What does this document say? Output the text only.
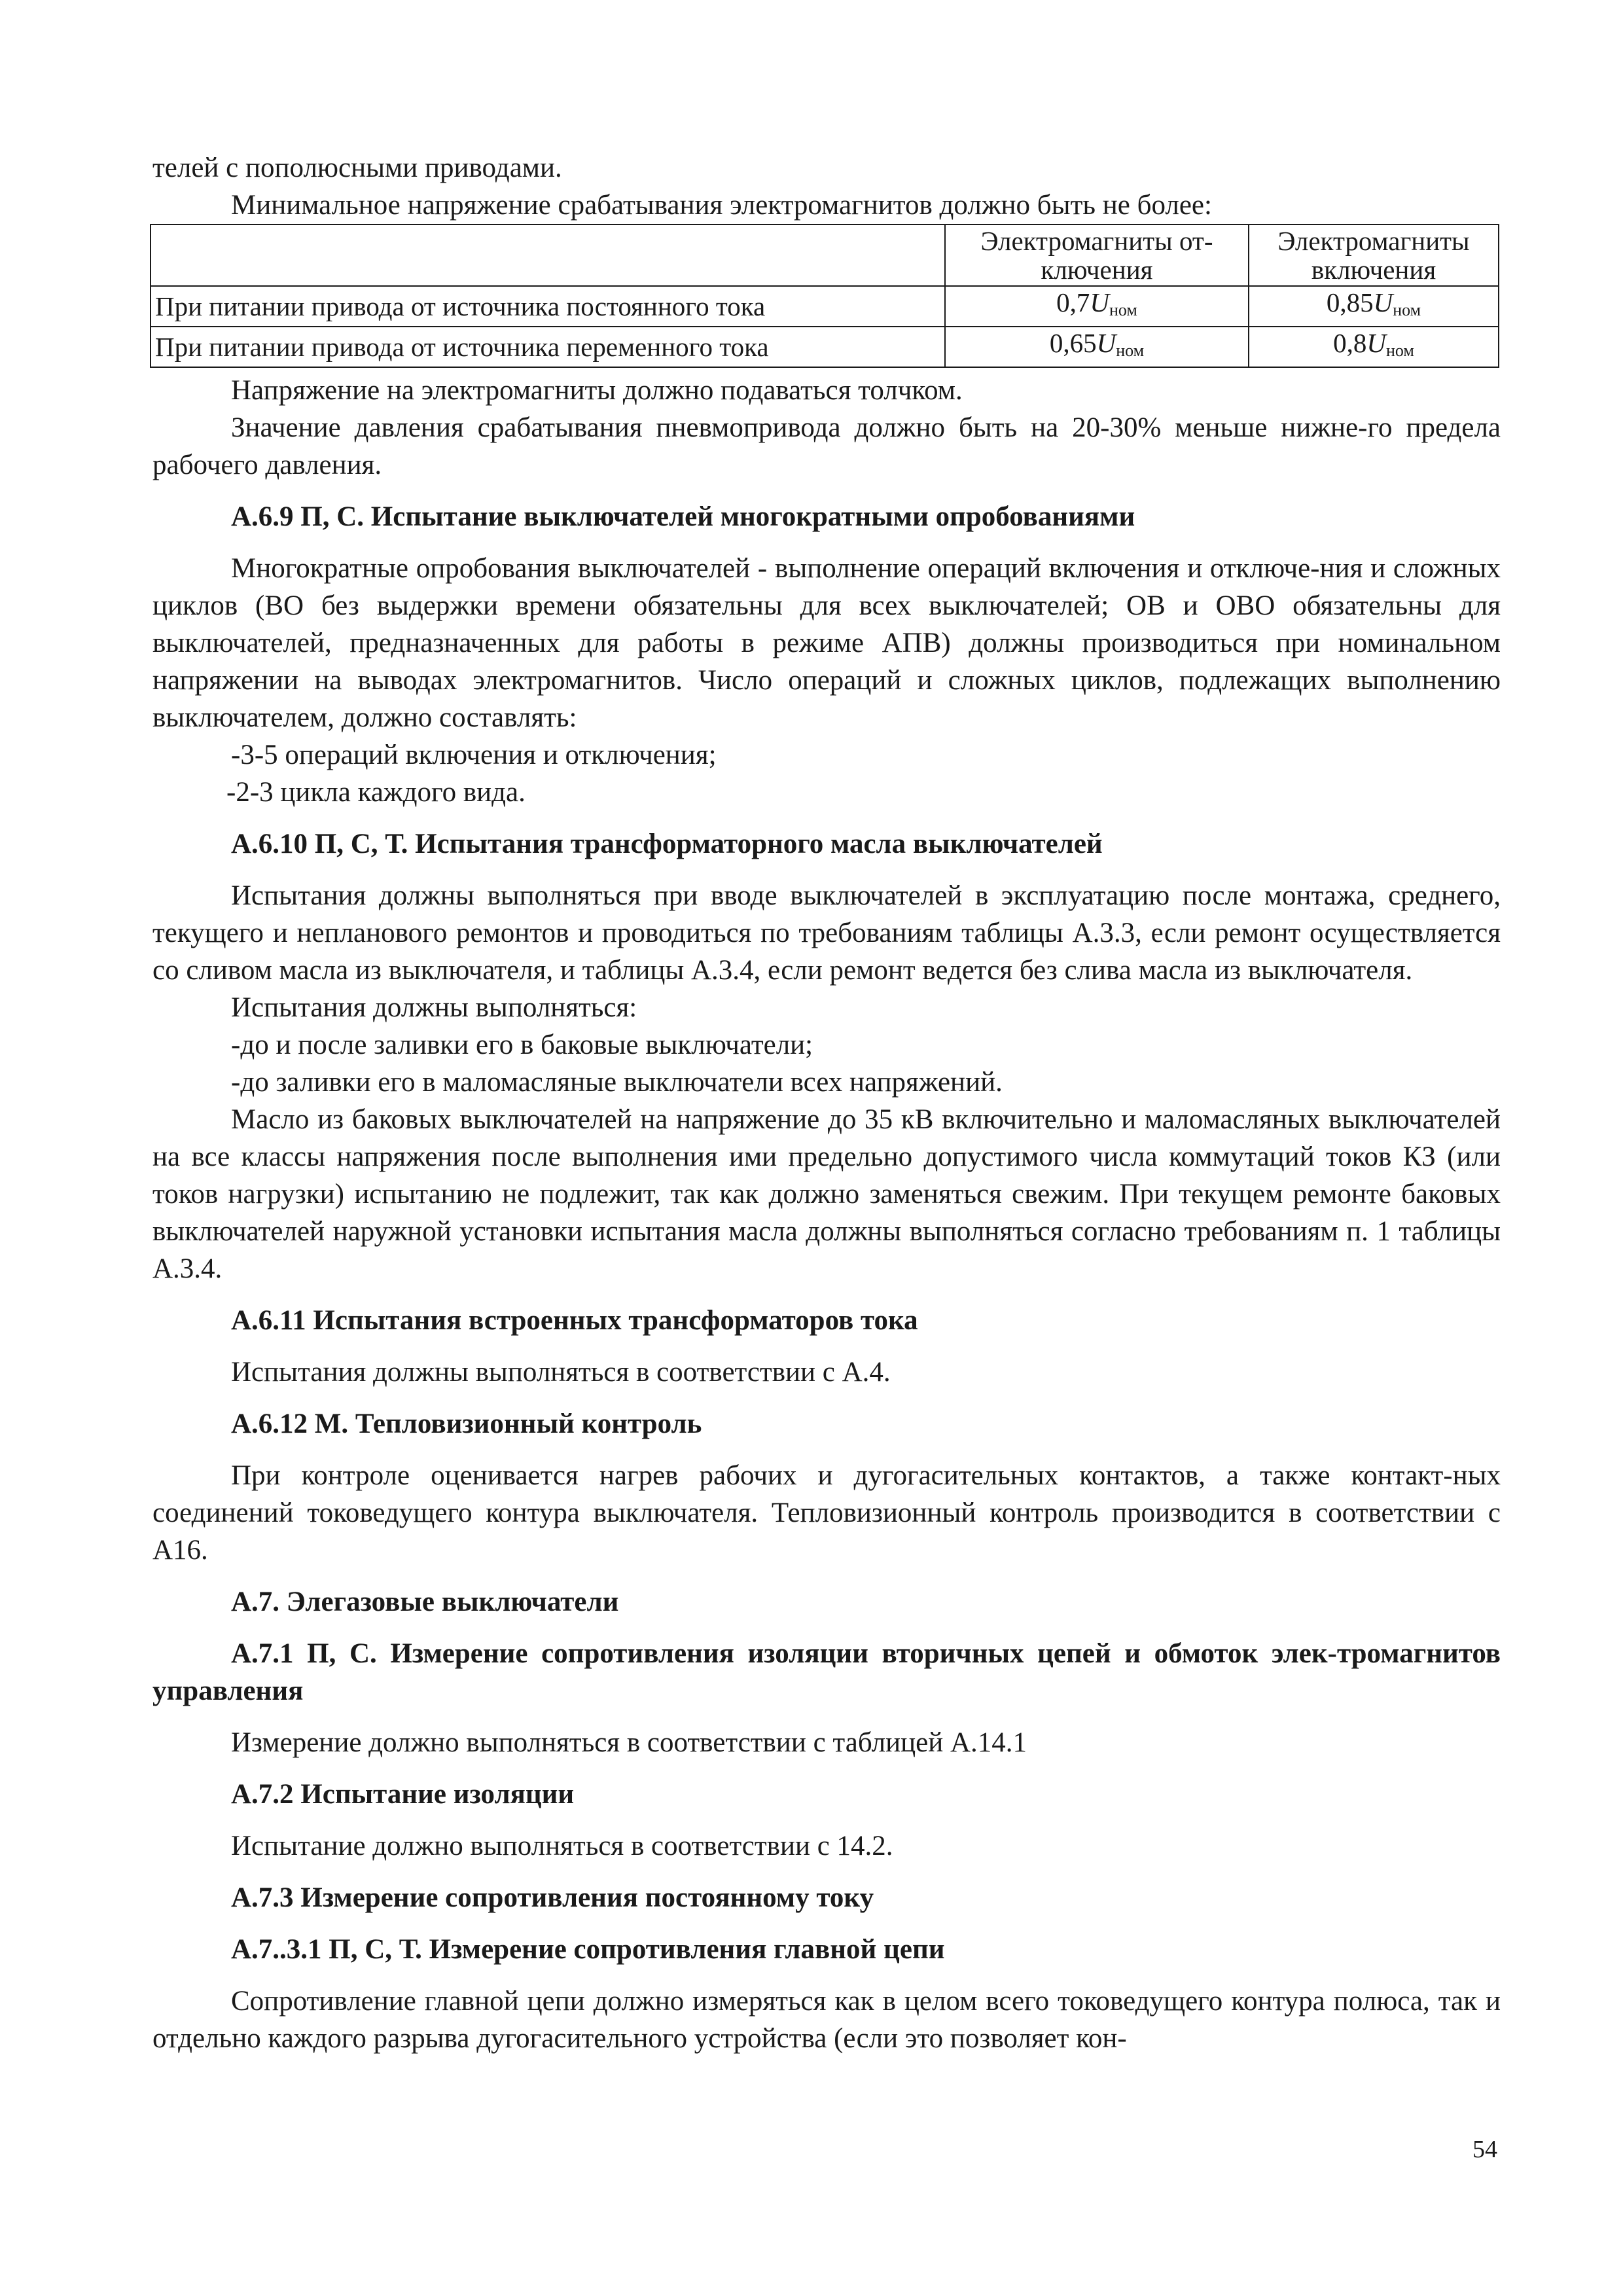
телей с пополюсными приводами.

Минимальное напряжение срабатывания электромагнитов должно быть не более:

	Электромагниты от-ключения	Электромагниты включения
При питании привода от источника постоянного тока	$0,7U_{ном}$	$0,85U_{ном}$
При питании привода от источника переменного тока	$0,65U_{ном}$	$0,8U_{ном}$

Напряжение на электромагниты должно подаваться толчком.

Значение давления срабатывания пневмопривода должно быть на 20-30% меньше нижне-го предела рабочего давления.

А.6.9 П, С. Испытание выключателей многократными опробованиями

Многократные опробования выключателей - выполнение операций включения и отключе-ния и сложных циклов (ВО без выдержки времени обязательны для всех выключателей; ОВ и ОВО обязательны для выключателей, предназначенных для работы в режиме АПВ) должны производиться при номинальном напряжении на выводах электромагнитов. Число операций и сложных циклов, подлежащих выполнению выключателем, должно составлять:

-3-5 операций включения и отключения;

-2-3 цикла каждого вида.

А.6.10 П, С, Т. Испытания трансформаторного масла выключателей

Испытания должны выполняться при вводе выключателей в эксплуатацию после монтажа, среднего, текущего и непланового ремонтов и проводиться по требованиям таблицы А.3.3, если ремонт осуществляется со сливом масла из выключателя, и таблицы А.3.4, если ремонт ведется без слива масла из выключателя.

Испытания должны выполняться:

-до и после заливки его в баковые выключатели;

-до заливки его в маломасляные выключатели всех напряжений.

Масло из баковых выключателей на напряжение до 35 кВ включительно и маломасляных выключателей на все классы напряжения после выполнения ими предельно допустимого числа коммутаций токов КЗ (или токов нагрузки) испытанию не подлежит, так как должно заменяться свежим. При текущем ремонте баковых выключателей наружной установки испытания масла должны выполняться согласно требованиям п. 1 таблицы А.3.4.

А.6.11 Испытания встроенных трансформаторов тока

Испытания должны выполняться в соответствии с А.4.

А.6.12 М. Тепловизионный контроль

При контроле оценивается нагрев рабочих и дугогасительных контактов, а также контакт-ных соединений токоведущего контура выключателя. Тепловизионный контроль производится в соответствии с А16.

А.7. Элегазовые выключатели
А.7.1 П, С. Измерение сопротивления изоляции вторичных цепей и обмоток элек-тромагнитов управления

Измерение должно выполняться в соответствии с таблицей А.14.1

А.7.2 Испытание изоляции

Испытание должно выполняться в соответствии с 14.2.

А.7.3 Измерение сопротивления постоянному току
А.7..3.1 П, С, Т. Измерение сопротивления главной цепи

Сопротивление главной цепи должно измеряться как в целом всего токоведущего контура полюса, так и отдельно каждого разрыва дугогасительного устройства (если это позволяет кон-

54
